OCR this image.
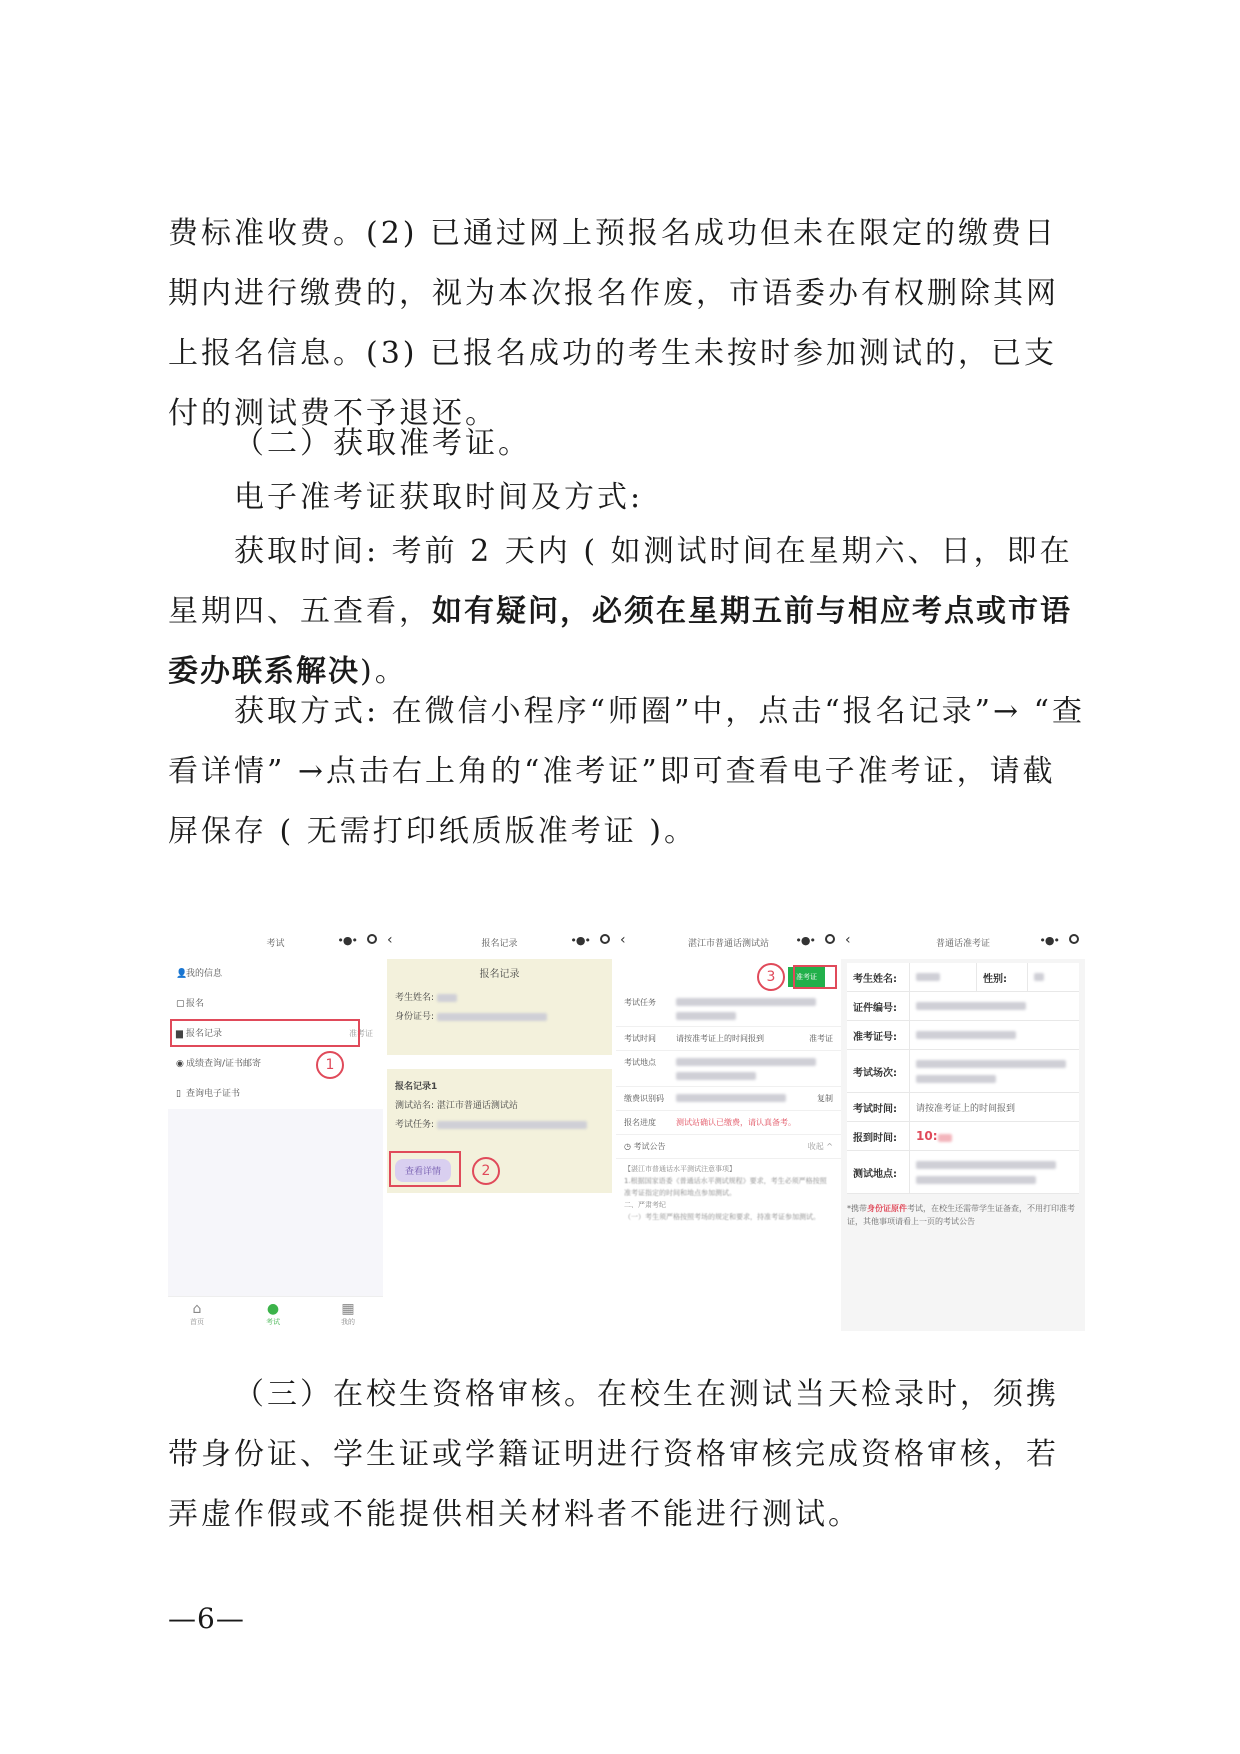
费标准收费。(2) 已通过网上预报名成功但未在限定的缴费日期内进行缴费的，视为本次报名作废，市语委办有权删除其网上报名信息。(3) 已报名成功的考生未按时参加测试的，已支付的测试费不予退还。

（二）获取准考证。

电子准考证获取时间及方式:

获取时间: 考前 2 天内 ( 如测试时间在星期六、日，即在星期四、五查看，如有疑问，必须在星期五前与相应考点或市语委办联系解决)。

获取方式: 在微信小程序“师圈”中，点击“报名记录”→ “查看详情” →点击右上角的“准考证”即可查看电子准考证，请截屏保存 ( 无需打印纸质版准考证 )。

考试	•●•
👤我的信息
▢报名
▆ 报名记录	准考证
◉ 成绩查询/证书邮寄
▯ 查询电子证书
1
⌂
首页
●
考试
▦
我的
‹	报名记录	•●•
报名记录
考生姓名:
身份证号:
报名记录1
测试站名: 湛江市普通话测试站
考试任务:
查看详情	2
‹	湛江市普通话测试站	•●•
准考证
3
考试任务

考试时间	请按准考证上的时间报到	准考证
考试地点

缴费识别码	复制
报名进度	测试站确认已缴费，请认真备考。
◷ 考试公告	收起 ^
【湛江市普通话水平测试注意事项】
1.根据国家语委《普通话水平测试规程》要求，考生必须严格按照准考证指定的时间和地点参加测试。
二、严肃考纪
（一）考生须严格按照考场的规定和要求，持准考证参加测试。
‹	普通话准考证	•●•
考生姓名:	性别:
证件编号:
准考证号:
考试场次:

考试时间:	请按准考证上的时间报到
报到时间:	10:
测试地点:

*携带身份证原件考试，在校生还需带学生证备查，不用打印准考证，其他事项请看上一页的考试公告

（三）在校生资格审核。在校生在测试当天检录时，须携带身份证、学生证或学籍证明进行资格审核完成资格审核，若弄虚作假或不能提供相关材料者不能进行测试。

—6—
